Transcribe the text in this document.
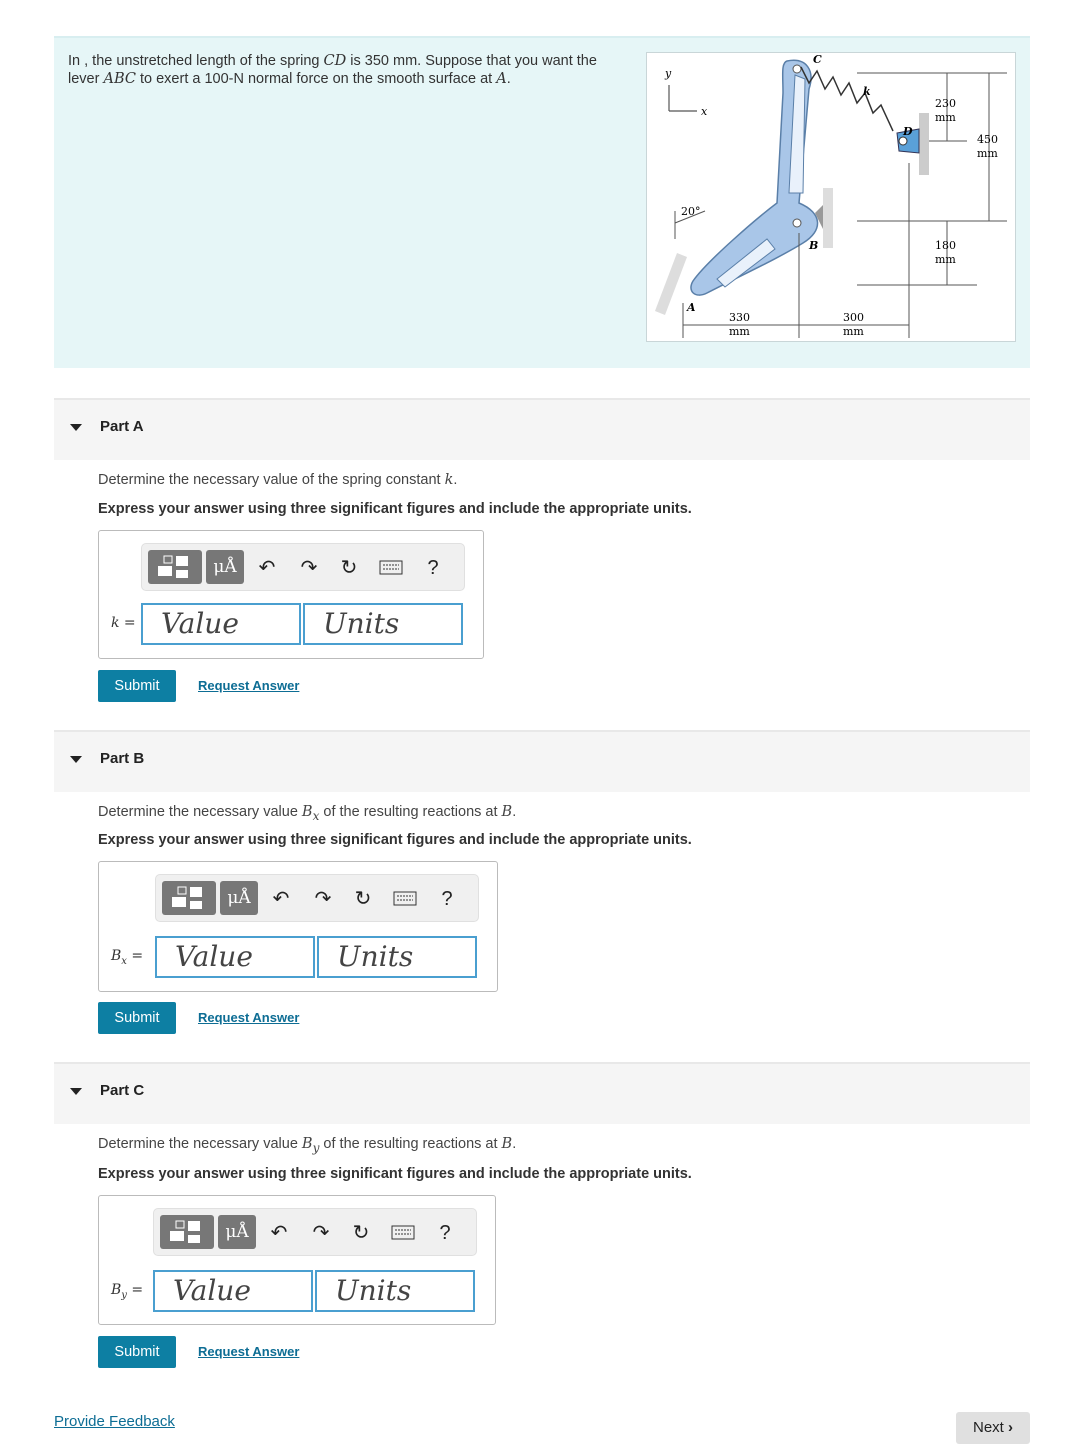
In , the unstretched length of the spring CD is 350 mm. Suppose that you want the lever ABC to exert a 100-N normal force on the smooth surface at A.	y
x
C
k
D
B
A
20°
230
mm
450
mm
180
mm
330
mm
300
mm
Part A
Determine the necessary value of the spring constant k.
Express your answer using three significant figures and include the appropriate units.
μÅ	↶ ↷ ↻	?
k = Value	Units
Submit	Request Answer
Part B
Determine the necessary value $B_x$ of the resulting reactions at B.
Express your answer using three significant figures and include the appropriate units.
μÅ	↶ ↷ ↻	?
$B_x$ =	Value	Units
Submit	Request Answer
Part C
Determine the necessary value $B_y$ of the resulting reactions at B.
Express your answer using three significant figures and include the appropriate units.
μÅ	↶ ↷ ↻	?
$B_y$ =	Value	Units
Submit	Request Answer
Provide Feedback	Next ›
